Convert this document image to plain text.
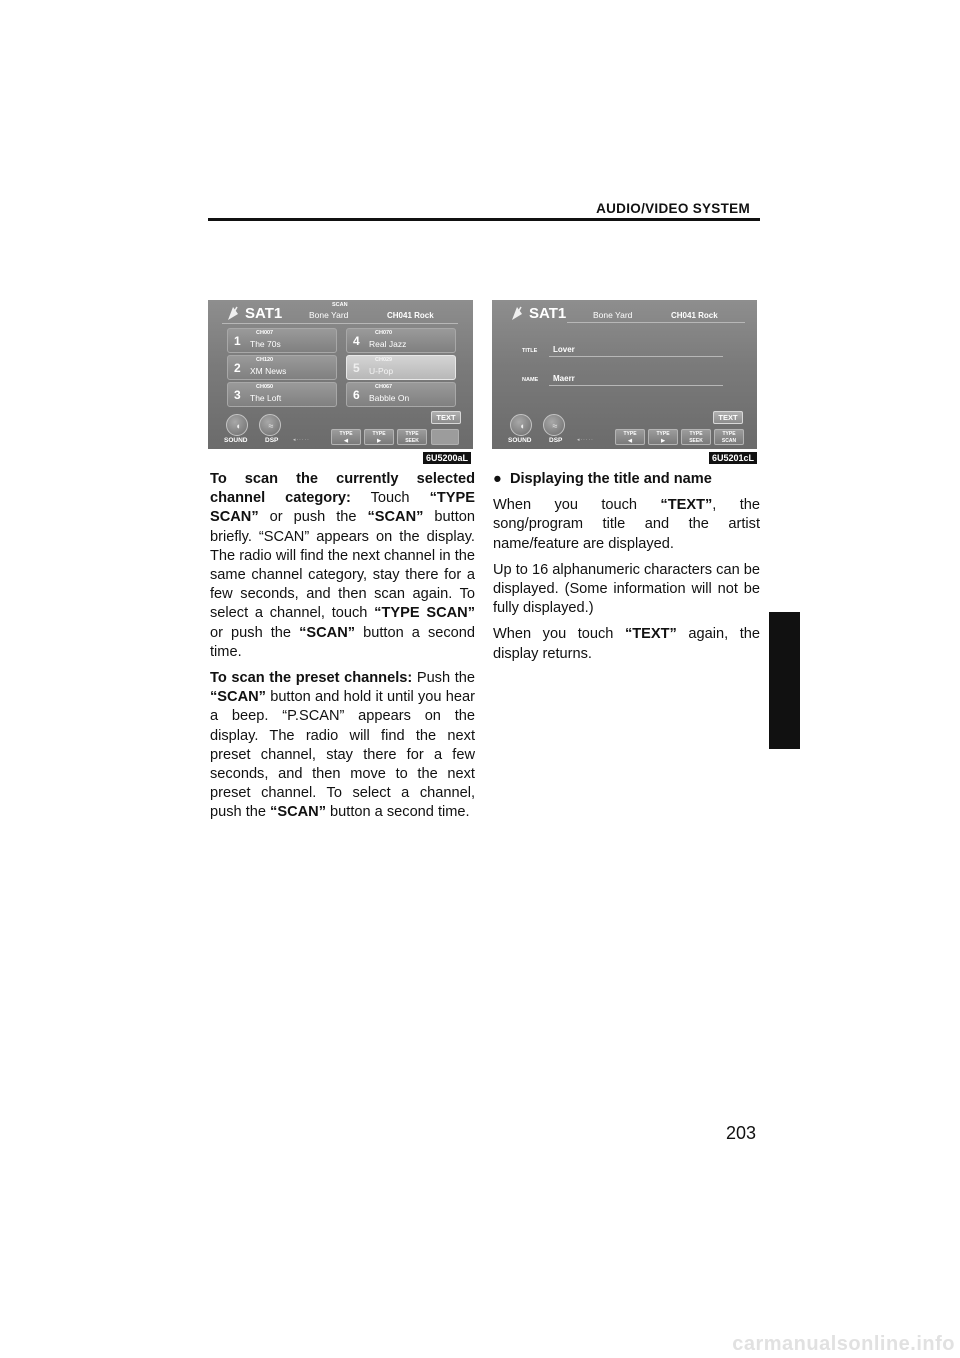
AUDIO/VIDEO SYSTEM
SAT1	SCAN
Bone Yard	CH041 Rock
1
CH007
The 70s
2
CH120
XM News
3
CH050
The Loft
4
CH070
Real Jazz
5
CH029
U-Pop
6
CH067
Babble On
◖
SOUND
≈
DSP	◂·····
TEXT
TYPE
◀
TYPE
▶
TYPE
SEEK
6U5200aL
SAT1	Bone Yard	CH041 Rock
TITLE Lover
NAME Maerr
◖
SOUND
≈
DSP	◂·····
TEXT
TYPE
◀
TYPE
▶
TYPE
SEEK
TYPE
SCAN
6U5201cL

To scan the currently selected channel category: Touch “TYPE SCAN” or push the “SCAN” button briefly. “SCAN” appears on the display. The radio will find the next channel in the same channel category, stay there for a few seconds, and then scan again. To select a channel, touch “TYPE SCAN” or push the “SCAN” button a second time.

To scan the preset channels: Push the “SCAN” button and hold it until you hear a beep. “P.SCAN” appears on the display. The radio will find the next preset channel, stay there for a few seconds, and then move to the next preset channel. To select a channel, push the “SCAN” button a second time.

● Displaying the title and name

When you touch “TEXT”, the song/program title and the artist name/feature are displayed.

Up to 16 alphanumeric characters can be displayed. (Some information will not be fully displayed.)

When you touch “TEXT” again, the display returns.

203
carmanualsonline.info
